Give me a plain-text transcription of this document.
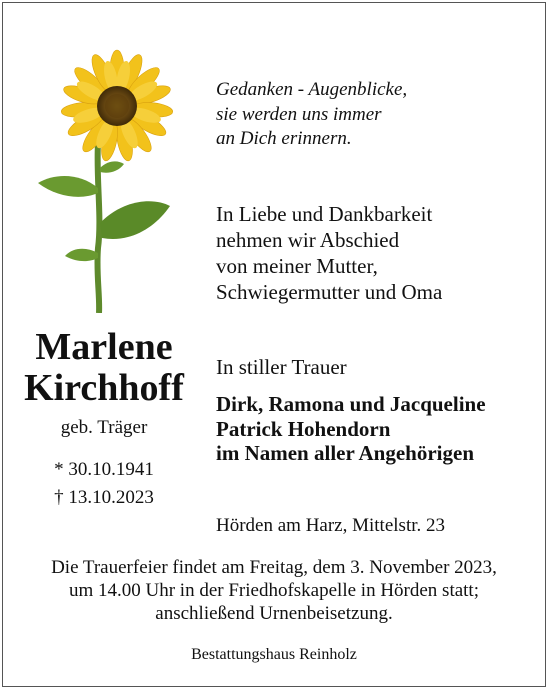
Gedanken - Augenblicke,
sie werden uns immer
an Dich erinnern.
In Liebe und Dankbarkeit
nehmen wir Abschied
von meiner Mutter,
Schwiegermutter und Oma
Marlene
Kirchhoff
geb. Träger
* 30.10.1941
† 13.10.2023
In stiller Trauer
Dirk, Ramona und Jacqueline
Patrick Hohendorn
im Namen aller Angehörigen
Hörden am Harz, Mittelstr. 23
Die Trauerfeier findet am Freitag, dem 3. November 2023,
um 14.00 Uhr in der Friedhofskapelle in Hörden statt;
anschließend Urnenbeisetzung.
Bestattungshaus Reinholz
